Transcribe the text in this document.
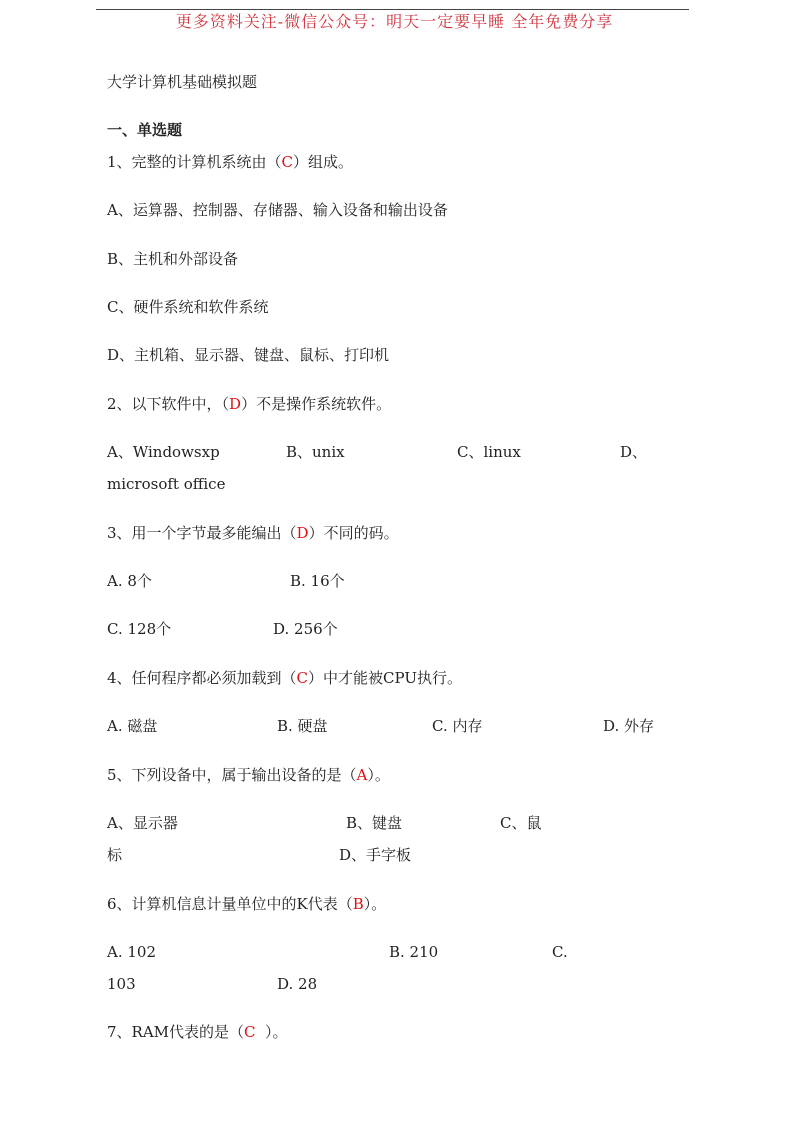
更多资料关注-微信公众号：明天一定要早睡 全年免费分享
大学计算机基础模拟题
一、单选题
1、完整的计算机系统由（C）组成。
A、运算器、控制器、存储器、输入设备和输出设备
B、主机和外部设备
C、硬件系统和软件系统
D、主机箱、显示器、键盘、鼠标、打印机
2、以下软件中，（D）不是操作系统软件。
A、Windowsxp	B、unix	C、linux	D、
microsoft office
3、用一个字节最多能编出（D）不同的码。
A. 8个	B. 16个
C. 128个	D. 256个
4、任何程序都必须加载到（C）中才能被CPU执行。
A. 磁盘	B. 硬盘	C. 内存	D. 外存
5、下列设备中，属于输出设备的是（A）。
A、显示器	B、键盘	C、鼠
标	D、手字板
6、计算机信息计量单位中的K代表（B）。
A. 102	B. 210	C.
103	D. 28
7、RAM代表的是（C  ）。
